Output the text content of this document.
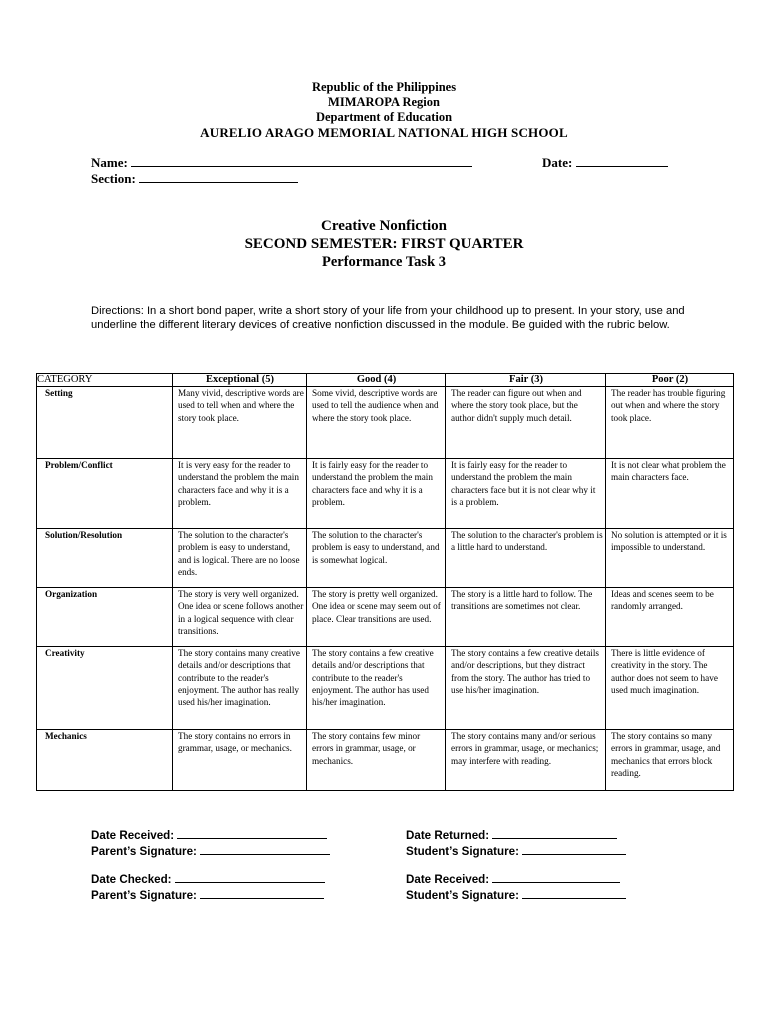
Republic of the Philippines
MIMAROPA Region
Department of Education
AURELIO ARAGO MEMORIAL NATIONAL HIGH SCHOOL
Name:	Date:
Section:
Creative Nonfiction
SECOND SEMESTER: FIRST QUARTER
Performance Task 3
Directions: In a short bond paper, write a short story of your life from your childhood up to present. In your story, use and underline the different literary devices of creative nonfiction discussed in the module. Be guided with the rubric below.
CATEGORY	Exceptional (5)	Good (4)	Fair (3)	Poor (2)
Setting	Many vivid, descriptive words are used to tell when and where the story took place.	Some vivid, descriptive words are used to tell the audience when and where the story took place.	The reader can figure out when and where the story took place, but the author didn't supply much detail.	The reader has trouble figuring out when and where the story took place.
Problem/Conflict	It is very easy for the reader to understand the problem the main characters face and why it is a problem.	It is fairly easy for the reader to understand the problem the main characters face and why it is a problem.	It is fairly easy for the reader to understand the problem the main characters face but it is not clear why it is a problem.	It is not clear what problem the main characters face.
Solution/Resolution	The solution to the character's problem is easy to understand, and is logical. There are no loose ends.	The solution to the character's problem is easy to understand, and is somewhat logical.	The solution to the character's problem is a little hard to understand.	No solution is attempted or it is impossible to understand.
Organization	The story is very well organized. One idea or scene follows another in a logical sequence with clear transitions.	The story is pretty well organized. One idea or scene may seem out of place. Clear transitions are used.	The story is a little hard to follow. The transitions are sometimes not clear.	Ideas and scenes seem to be randomly arranged.
Creativity	The story contains many creative details and/or descriptions that contribute to the reader's enjoyment. The author has really used his/her imagination.	The story contains a few creative details and/or descriptions that contribute to the reader's enjoyment. The author has used his/her imagination.	The story contains a few creative details and/or descriptions, but they distract from the story. The author has tried to use his/her imagination.	There is little evidence of creativity in the story. The author does not seem to have used much imagination.
Mechanics	The story contains no errors in grammar, usage, or mechanics.	The story contains few minor errors in grammar, usage, or mechanics.	The story contains many and/or serious errors in grammar, usage, or mechanics; may interfere with reading.	The story contains so many errors in grammar, usage, and mechanics that errors block reading.
Date Received:
Parent’s Signature:
Date Returned:
Student’s Signature:
Date Checked:
Parent’s Signature:
Date Received:
Student’s Signature:
